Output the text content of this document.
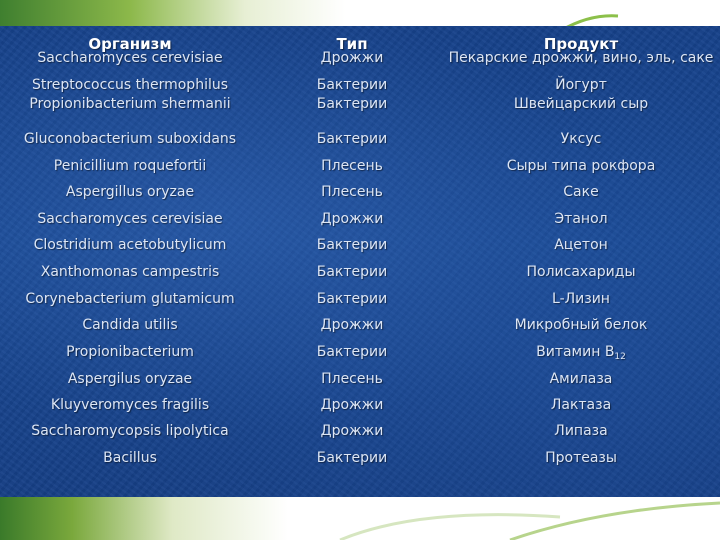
Организм	Тип	Продукт
Saccharomyces cerevisiae	Дрожжи	Пекарские дрожжи, вино, эль, саке
Streptococcus thermophilus	Бактерии	Йогурт
Propionibacterium shermanii	Бактерии	Швейцарский сыр
Gluconobacterium suboxidans	Бактерии	Уксус
Penicillium roquefortii	Плесень	Сыры типа рокфора
Aspergillus oryzae	Плесень	Саке
Saccharomyces cerevisiae	Дрожжи	Этанол
Clostridium acetobutylicum	Бактерии	Ацетон
Xanthomonas campestris	Бактерии	Полисахариды
Corynebacterium glutamicum	Бактерии	L-Лизин
Candida utilis	Дрожжи	Микробный белок
Propionibacterium	Бактерии	Витамин $B_{12}$
Aspergilus oryzae	Плесень	Амилаза
Kluyveromyces fragilis	Дрожжи	Лактаза
Saccharomycopsis lipolytica	Дрожжи	Липаза
Bacillus	Бактерии	Протеазы
